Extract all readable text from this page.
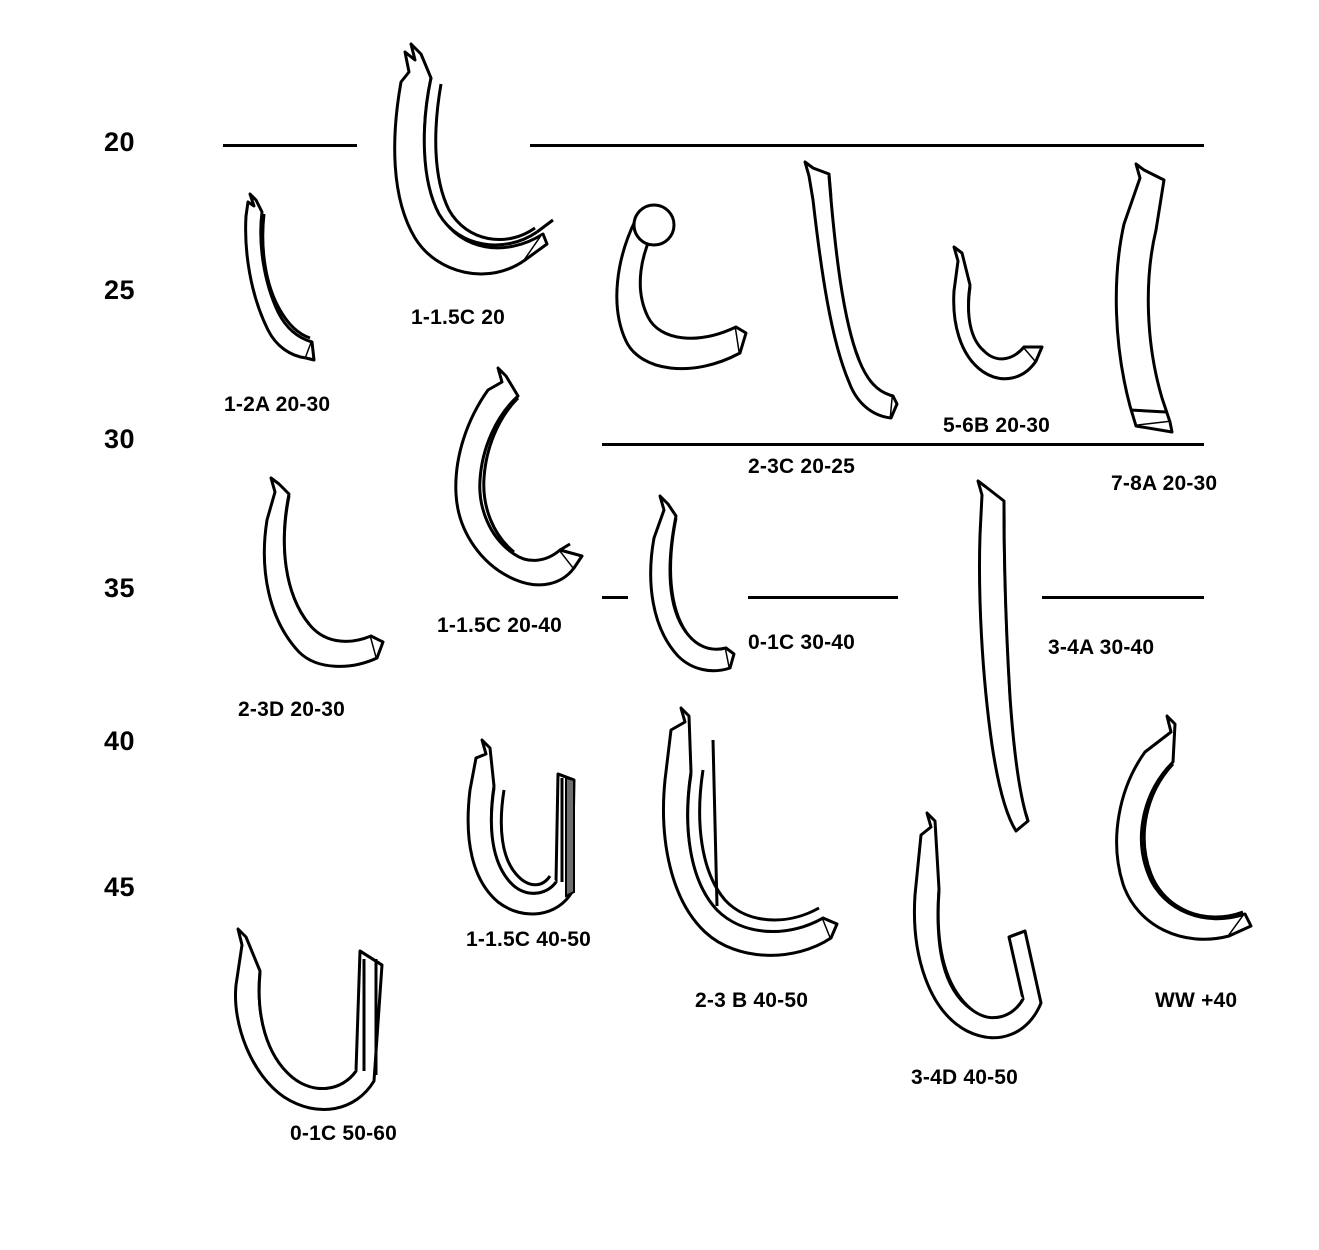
20
25
30
35
40
45
1-2A 20-30
1-1.5C 20
2-3C 20-25
5-6B 20-30
7-8A 20-30
2-3D 20-30
1-1.5C 20-40
0-1C 30-40	3-4A 30-40
1-1.5C 40-50
2-3 B 40-50
3-4D 40-50
WW +40
0-1C 50-60
